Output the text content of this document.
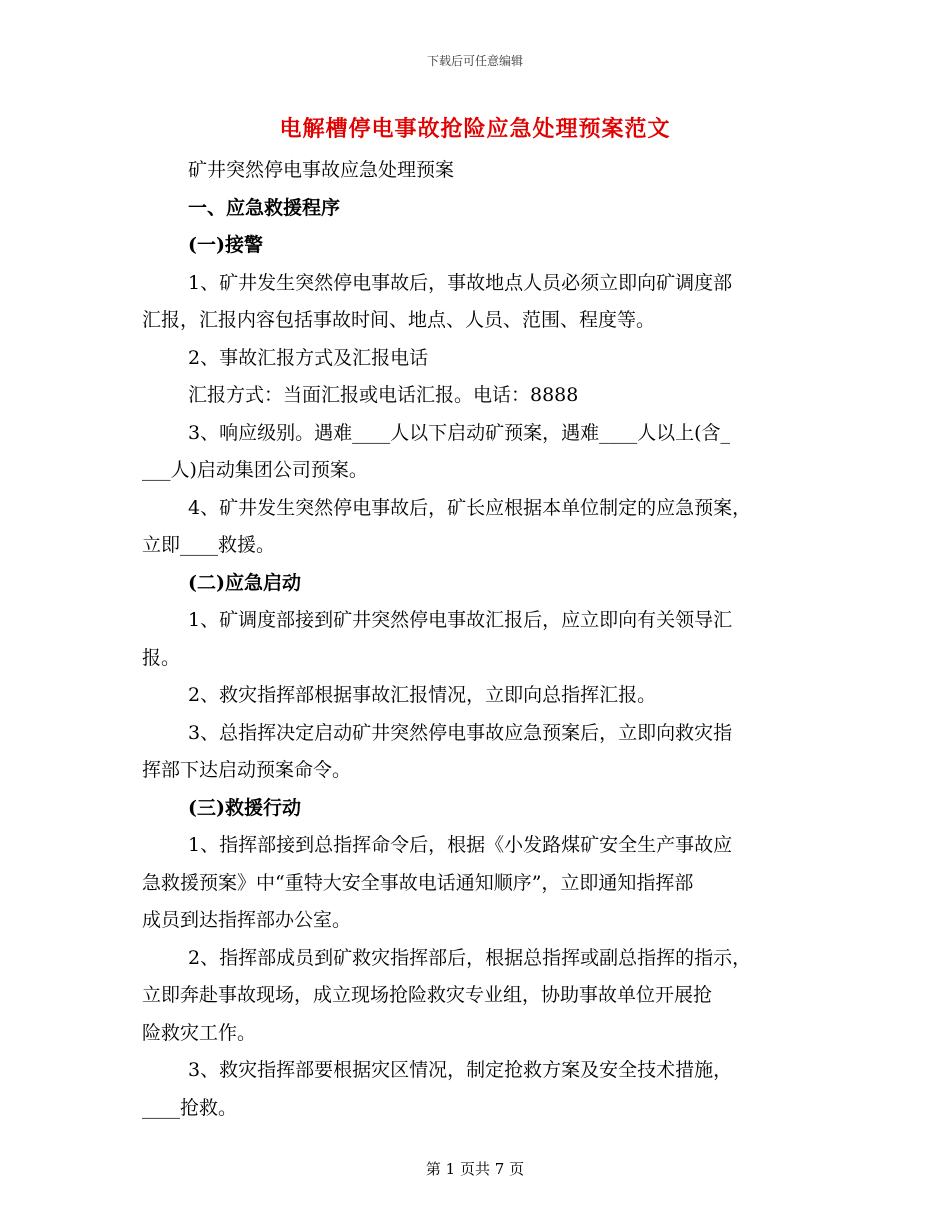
下载后可任意编辑
电解槽停电事故抢险应急处理预案范文

矿井突然停电事故应急处理预案

一、应急救援程序

(一)接警

1、矿井发生突然停电事故后，事故地点人员必须立即向矿调度部

汇报，汇报内容包括事故时间、地点、人员、范围、程度等。

2、事故汇报方式及汇报电话

汇报方式：当面汇报或电话汇报。电话：8888

3、响应级别。遇难____人以下启动矿预案，遇难____人以上(含_

___人)启动集团公司预案。

4、矿井发生突然停电事故后，矿长应根据本单位制定的应急预案，

立即____救援。

(二)应急启动

1、矿调度部接到矿井突然停电事故汇报后，应立即向有关领导汇

报。

2、救灾指挥部根据事故汇报情况，立即向总指挥汇报。

3、总指挥决定启动矿井突然停电事故应急预案后，立即向救灾指

挥部下达启动预案命令。

(三)救援行动

1、指挥部接到总指挥命令后，根据《小发路煤矿安全生产事故应

急救援预案》中“重特大安全事故电话通知顺序”，立即通知指挥部

成员到达指挥部办公室。

2、指挥部成员到矿救灾指挥部后，根据总指挥或副总指挥的指示，

立即奔赴事故现场，成立现场抢险救灾专业组，协助事故单位开展抢

险救灾工作。

3、救灾指挥部要根据灾区情况，制定抢救方案及安全技术措施，

____抢救。

第 1 页共 7 页
